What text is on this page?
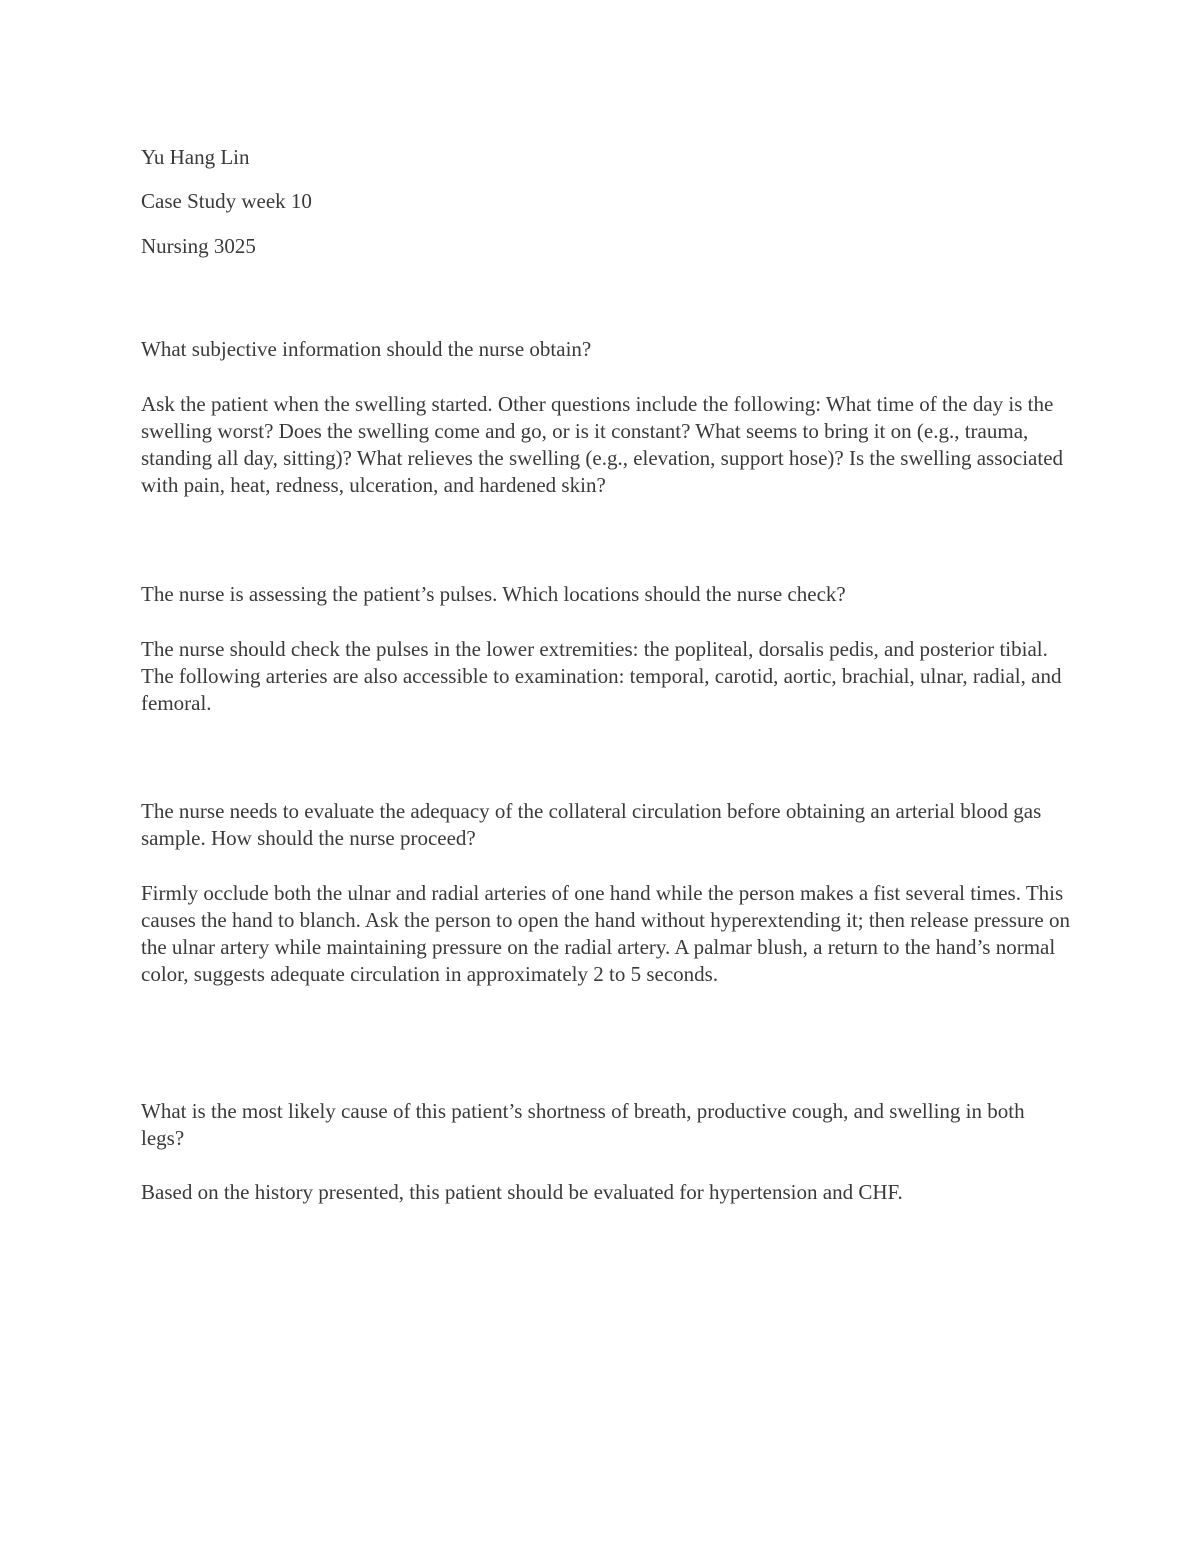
Yu Hang Lin

Case Study week 10

Nursing 3025

What subjective information should the nurse obtain?

Ask the patient when the swelling started. Other questions include the following: What time of the day is the swelling worst? Does the swelling come and go, or is it constant? What seems to bring it on (e.g., trauma, standing all day, sitting)? What relieves the swelling (e.g., elevation, support hose)? Is the swelling associated with pain, heat, redness, ulceration, and hardened skin?

The nurse is assessing the patient’s pulses. Which locations should the nurse check?

The nurse should check the pulses in the lower extremities: the popliteal, dorsalis pedis, and posterior tibial. The following arteries are also accessible to examination: temporal, carotid, aortic, brachial, ulnar, radial, and femoral.

The nurse needs to evaluate the adequacy of the collateral circulation before obtaining an arterial blood gas sample. How should the nurse proceed?

Firmly occlude both the ulnar and radial arteries of one hand while the person makes a fist several times. This causes the hand to blanch. Ask the person to open the hand without hyperextending it; then release pressure on the ulnar artery while maintaining pressure on the radial artery. A palmar blush, a return to the hand’s normal color, suggests adequate circulation in approximately 2 to 5 seconds.

What is the most likely cause of this patient’s shortness of breath, productive cough, and swelling in both legs?

Based on the history presented, this patient should be evaluated for hypertension and CHF.
